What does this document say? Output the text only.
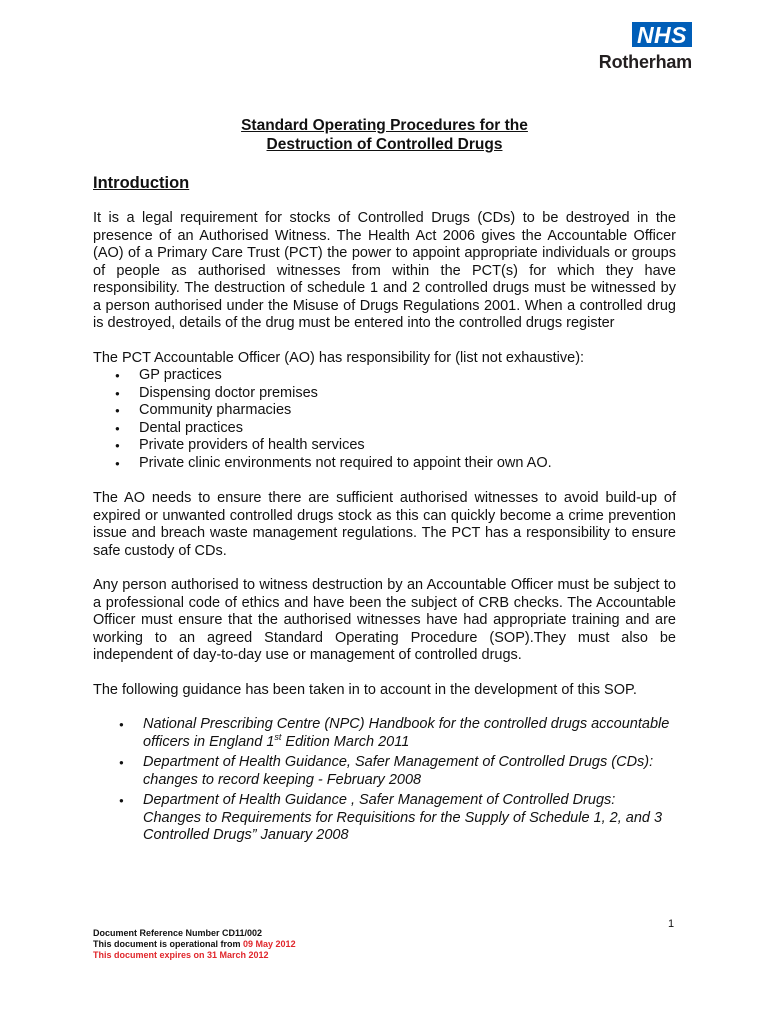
NHS
Rotherham

Standard Operating Procedures for the

Destruction of Controlled Drugs

Introduction

It is a legal requirement for stocks of Controlled Drugs (CDs) to be destroyed in the presence of an Authorised Witness. The Health Act 2006 gives the Accountable Officer (AO) of a Primary Care Trust (PCT) the power to appoint appropriate individuals or groups of people as authorised witnesses from within the PCT(s) for which they have responsibility. The destruction of schedule 1 and 2 controlled drugs must be witnessed by a person authorised under the Misuse of Drugs Regulations 2001. When a controlled drug is destroyed, details of the drug must be entered into the controlled drugs register

The PCT Accountable Officer (AO) has responsibility for (list not exhaustive):

● GP practices
● Dispensing doctor premises
● Community pharmacies
● Dental practices
● Private providers of health services
● Private clinic environments not required to appoint their own AO.

The AO needs to ensure there are sufficient authorised witnesses to avoid build-up of expired or unwanted controlled drugs stock as this can quickly become a crime prevention issue and breach waste management regulations. The PCT has a responsibility to ensure safe custody of CDs.

Any person authorised to witness destruction by an Accountable Officer must be subject to a professional code of ethics and have been the subject of CRB checks. The Accountable Officer must ensure that the authorised witnesses have had appropriate training and are working to an agreed Standard Operating Procedure (SOP).They must also be independent of day-to-day use or management of controlled drugs.

The following guidance has been taken in to account in the development of this SOP.

● National Prescribing Centre (NPC) Handbook for the controlled drugs accountable officers in England 1st Edition March 2011
● Department of Health Guidance, Safer Management of Controlled Drugs (CDs): changes to record keeping - February 2008
● Department of Health Guidance , Safer Management of Controlled Drugs: Changes to Requirements for Requisitions for the Supply of Schedule 1, 2, and 3 Controlled Drugs” January 2008
1
Document Reference Number CD11/002
This document is operational from 09 May 2012
This document expires on 31 March 2012
